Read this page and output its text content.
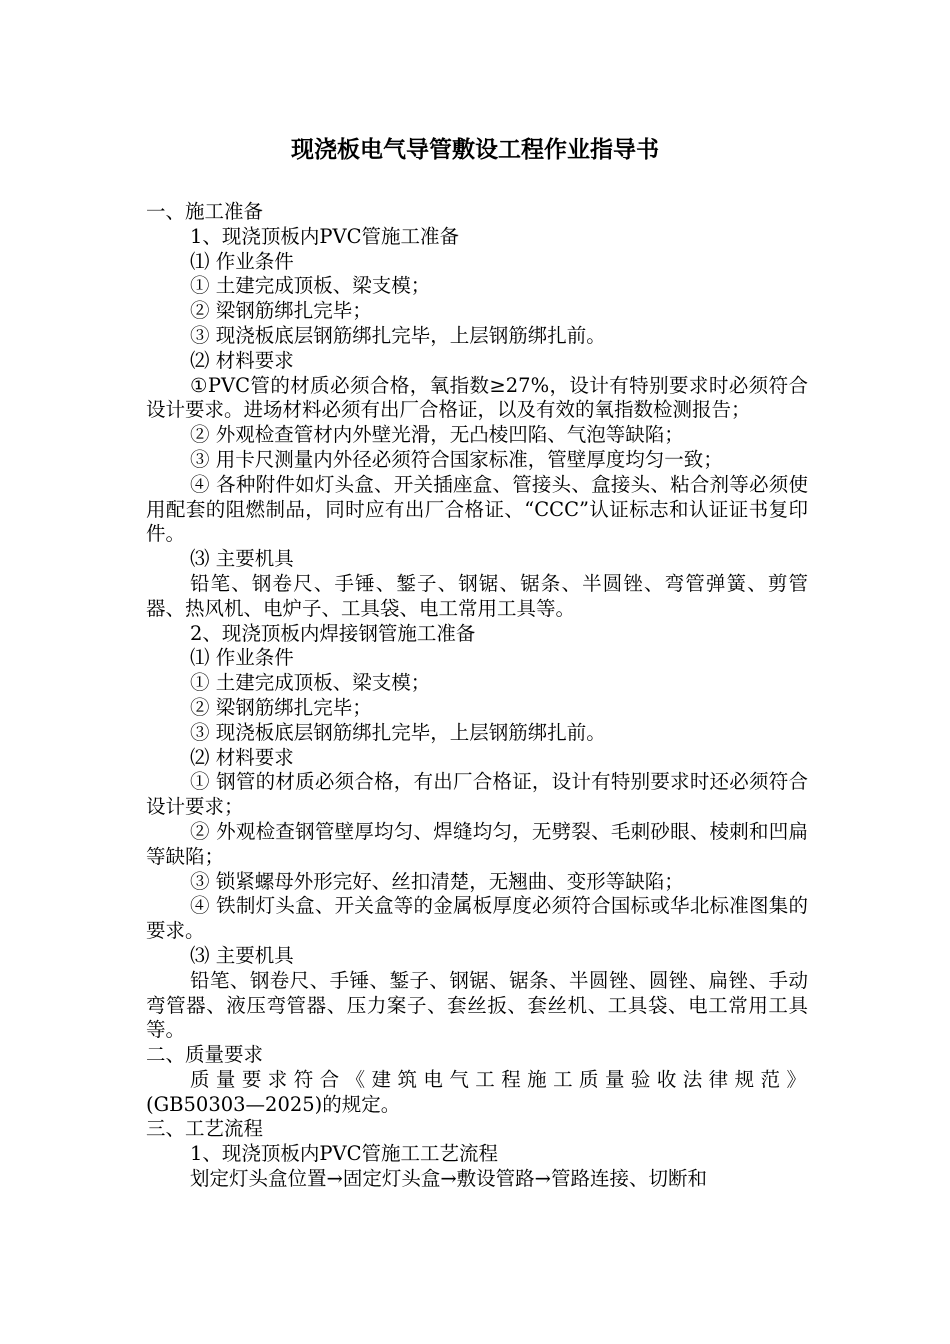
现浇板电气导管敷设工程作业指导书

一、施工准备

1、现浇顶板内PVC管施工准备

⑴ 作业条件

① 土建完成顶板、梁支模；

② 梁钢筋绑扎完毕；

③ 现浇板底层钢筋绑扎完毕，上层钢筋绑扎前。

⑵ 材料要求

①PVC管的材质必须合格，氧指数≥27%，设计有特别要求时必须符合设计要求。进场材料必须有出厂合格证，以及有效的氧指数检测报告；

② 外观检查管材内外壁光滑，无凸棱凹陷、气泡等缺陷；

③ 用卡尺测量内外径必须符合国家标准，管壁厚度均匀一致；

④ 各种附件如灯头盒、开关插座盒、管接头、盒接头、粘合剂等必须使用配套的阻燃制品，同时应有出厂合格证、“CCC”认证标志和认证证书复印件。

⑶ 主要机具

铅笔、钢卷尺、手锤、錾子、钢锯、锯条、半圆锉、弯管弹簧、剪管器、热风机、电炉子、工具袋、电工常用工具等。

2、现浇顶板内焊接钢管施工准备

⑴ 作业条件

① 土建完成顶板、梁支模；

② 梁钢筋绑扎完毕；

③ 现浇板底层钢筋绑扎完毕，上层钢筋绑扎前。

⑵ 材料要求

① 钢管的材质必须合格，有出厂合格证，设计有特别要求时还必须符合设计要求；

② 外观检查钢管壁厚均匀、焊缝均匀，无劈裂、毛刺砂眼、棱刺和凹扁等缺陷；

③ 锁紧螺母外形完好、丝扣清楚，无翘曲、变形等缺陷；

④ 铁制灯头盒、开关盒等的金属板厚度必须符合国标或华北标准图集的要求。

⑶ 主要机具

铅笔、钢卷尺、手锤、錾子、钢锯、锯条、半圆锉、圆锉、扁锉、手动弯管器、液压弯管器、压力案子、套丝扳、套丝机、工具袋、电工常用工具等。

二、质量要求

质量要求符合《建筑电气工程施工质量验收法律规范》

(GB50303—2025)的规定。

三、工艺流程

1、现浇顶板内PVC管施工工艺流程

划定灯头盒位置→固定灯头盒→敷设管路→管路连接、切断和
